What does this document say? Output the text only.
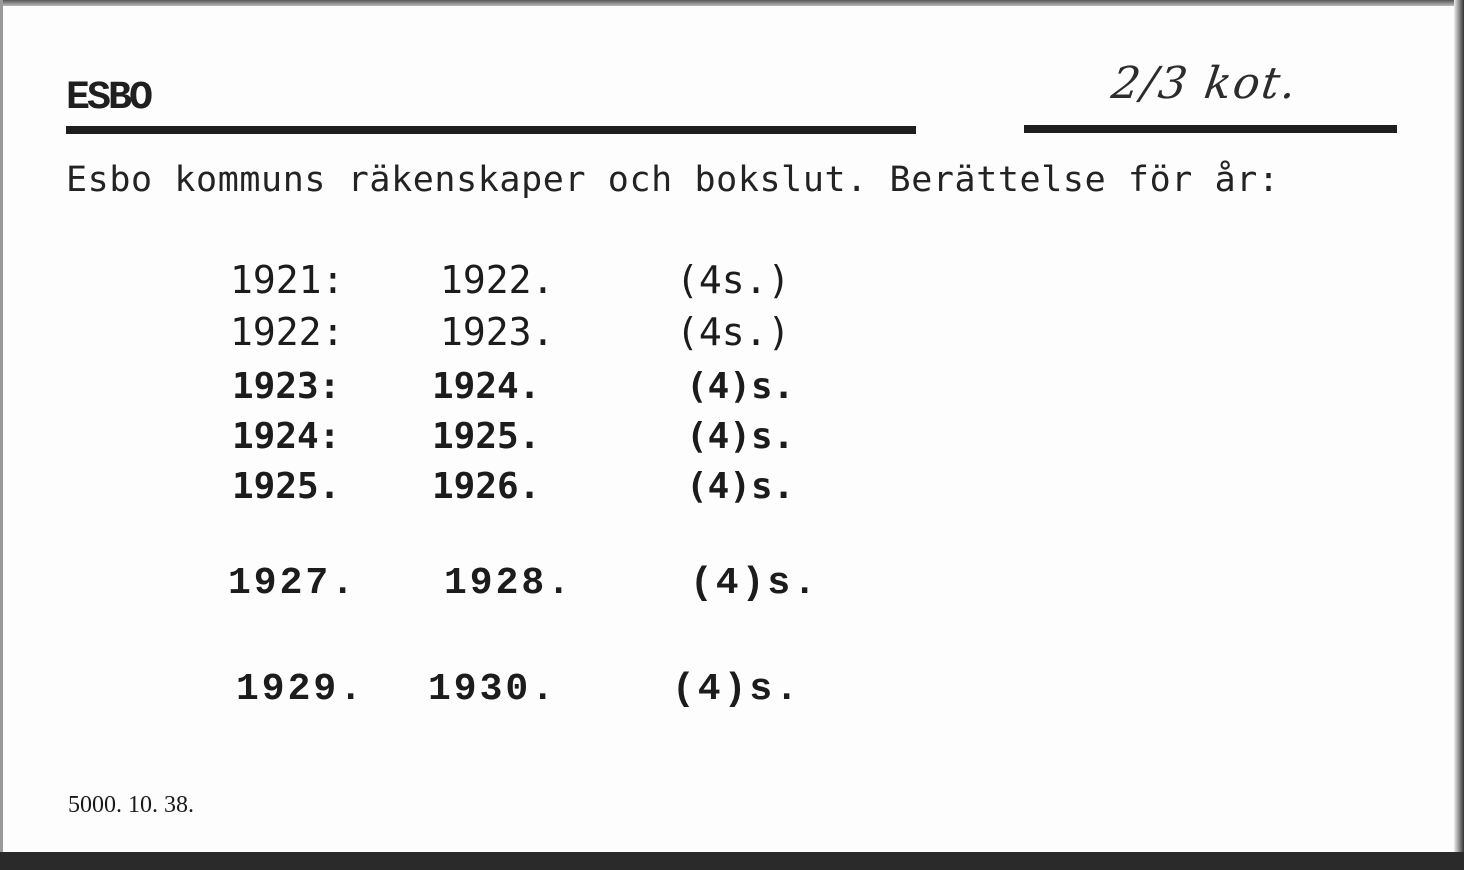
ESBO	2/3 kot.
Esbo kommuns räkenskaper och bokslut. Berättelse för år:
1921:	1922.	(4s.)
1922:	1923.	(4s.)
1923:	1924.	(4)s.
1924:	1925.	(4)s.
1925.	1926.	(4)s.
1927. 1928.	(4)s.
1929. 1930.	(4)s.
5000. 10. 38.
